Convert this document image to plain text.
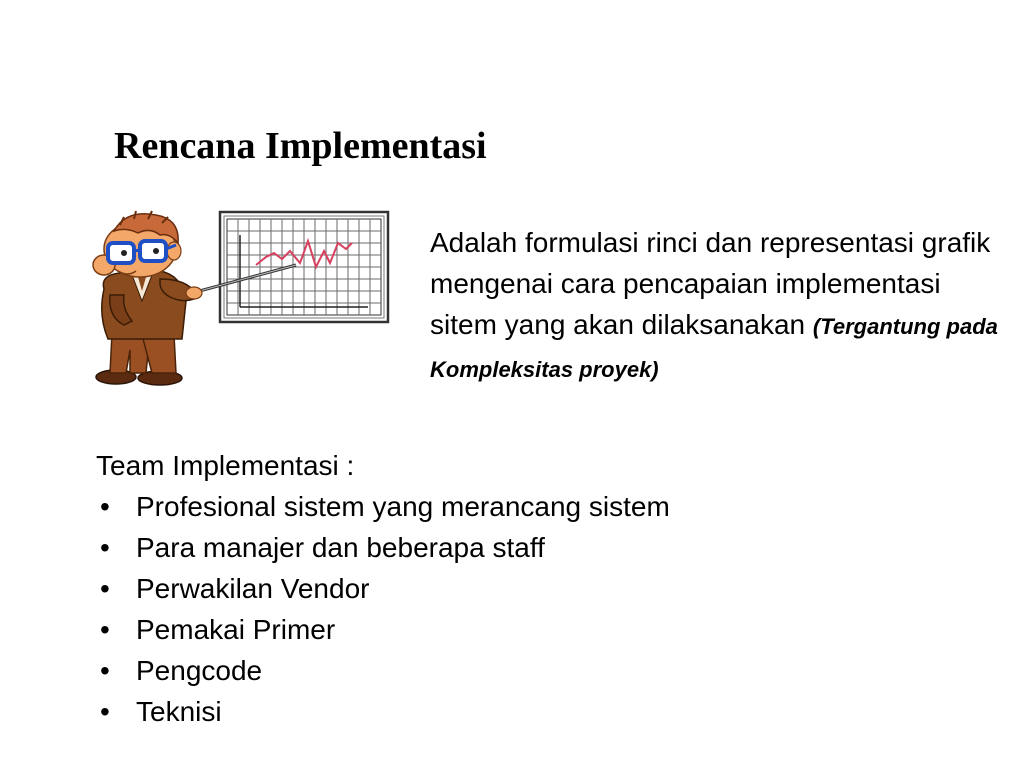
Rencana Implementasi

Adalah formulasi rinci dan representasi grafik mengenai cara pencapaian implementasi sitem yang akan dilaksanakan (Tergantung pada Kompleksitas proyek)

Team Implementasi :

• Profesional sistem yang merancang sistem
• Para manajer dan beberapa staff
• Perwakilan Vendor
• Pemakai Primer
• Pengcode
• Teknisi
